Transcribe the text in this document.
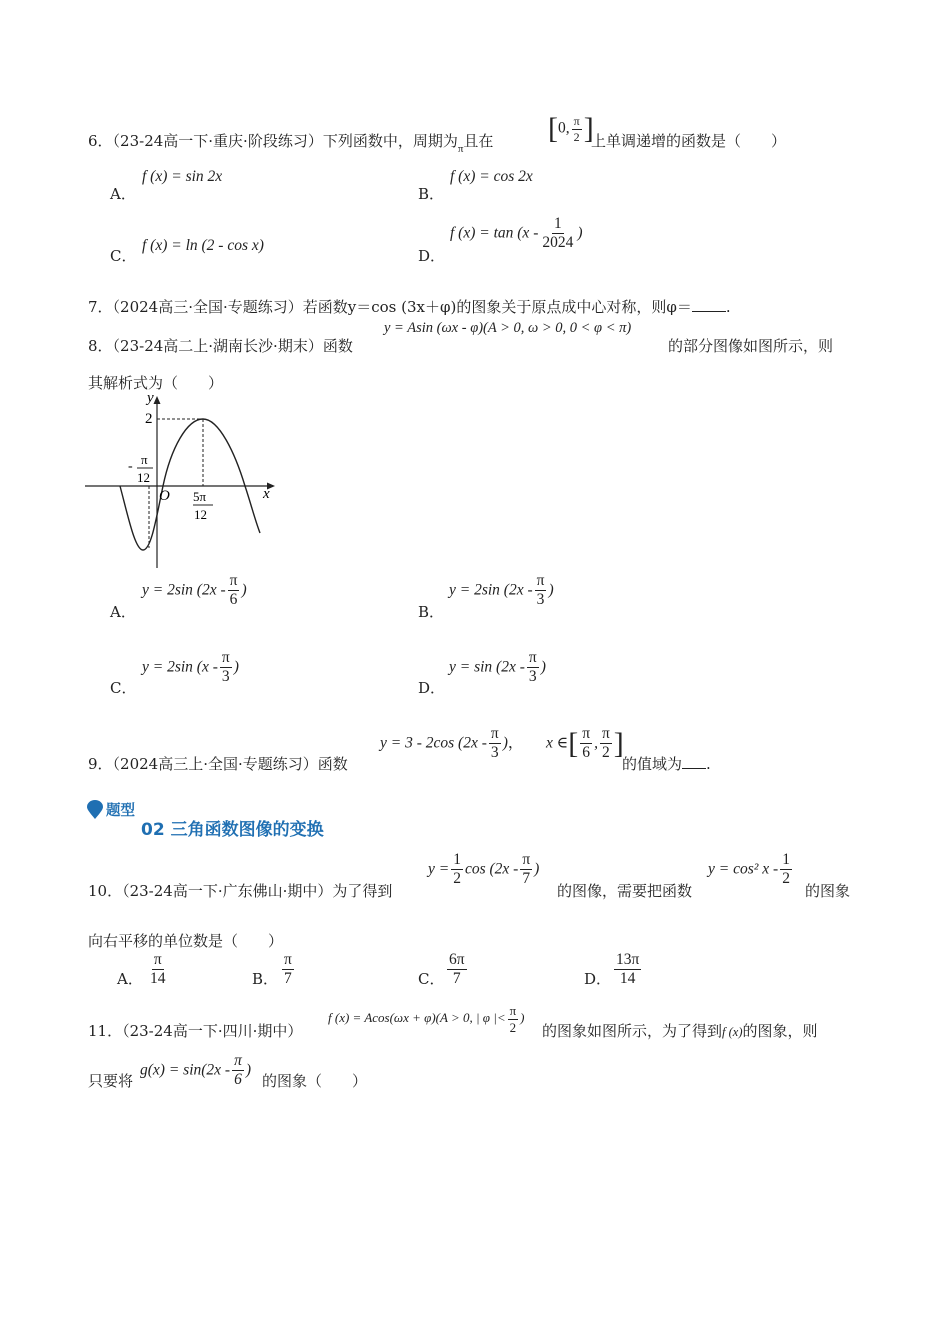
6．（23-24高一下·重庆·阶段练习）下列函数中，周期为$_\pi$且在 [0, $\frac{\pi}{2}$ ]
上单调递增的函数是（　　）
A．
f (x) = sin 2x
B．
f (x) = cos 2x
C．
f (x) = ln (2 - cos x)
D．
f $(x) = \tan (x - \frac{1}{2024}$ )
7．（2024高三·全国·专题练习）若函数y＝cos (3x＋φ)的图象关于原点成中心对称，则φ＝ .
8．（23-24高二上·湖南长沙·期末）函数
y = Asin (ωx - φ)(A > 0, ω > 0, 0 < φ < π)
的部分图像如图所示，则
其解析式为（　　）
y
x
2
O
- π
12
5π
12
A．
y = 2sin ($2x - \frac{\pi}{6}$ )
B．
y = 2sin ($2x - \frac{\pi}{3}$ )
C．
y = 2sin ($x - \frac{\pi}{3}$ )
D．
$y = \sin (2x - \frac{\pi}{3}$ )
9．（2024高三上·全国·专题练习）函数
y = 3 - 2cos ($2x - \frac{\pi}{3}$ )， x ∈[ $\frac{\pi}{6}$ , $\frac{\pi}{2}$ ]
的值域为 .
题型
02 三角函数图像的变换
10．（23-24高一下·广东佛山·期中）为了得到
$y = \frac{1}{2}$ $\cos (2x - \frac{\pi}{7}$ )
的图像，需要把函数
y = cos² x - $\frac{1}{2}$
的图象
向右平移的单位数是（　　）
A． $\frac{\pi}{14}$	B． $\frac{\pi}{7}$	C． $\frac{6\pi}{7}$	D． $\frac{13\pi}{14}$
11．（23-24高一下·四川·期中）
f (x) = Acos(ωx + φ)(A > 0, | φ |< $\frac{\pi}{2}$ )
的图象如图所示，为了得到f (x)的图象，则
只要将
$g(x) = \sin(2x - \frac{\pi}{6}$ )
的图象（　　）
